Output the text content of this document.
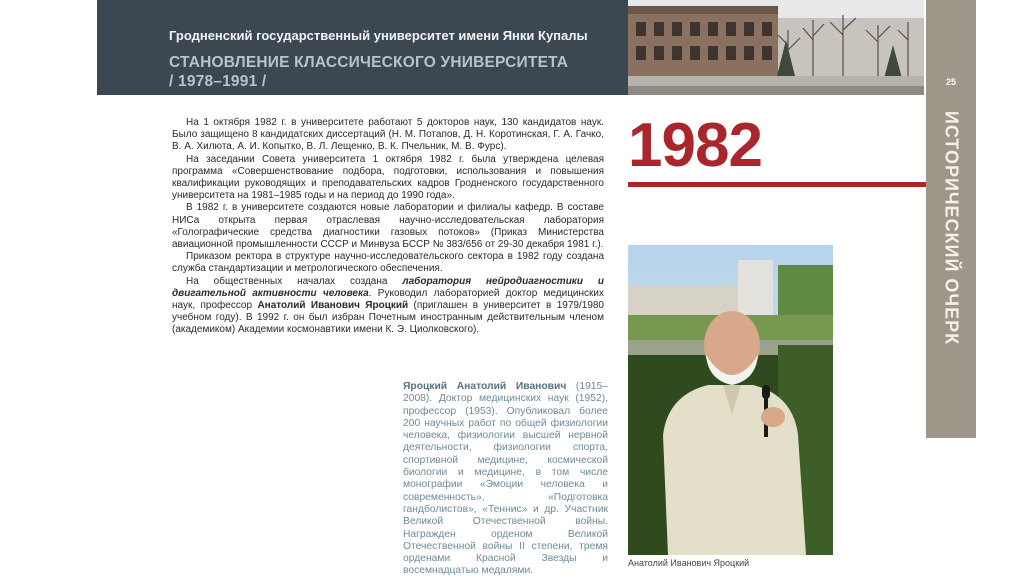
Гродненский государственный университет имени Янки Купалы
СТАНОВЛЕНИЕ КЛАССИЧЕСКОГО УНИВЕРСИТЕТА
/ 1978–1991 /	25
ИСТОРИЧЕСКИЙ ОЧЕРК
1982

На 1 октября 1982 г. в университете работают 5 докторов наук, 130 кандидатов наук. Было защищено 8 кандидатских диссертаций (Н. М. Потапов, Д. Н. Коротинская, Г. А. Гачко, В. А. Хилюта, А. И. Копытко, В. Л. Лещенко, В. К. Пчельник, М. В. Фурс).

На заседании Совета университета 1 октября 1982 г. была утверждена целевая программа «Совершенствование подбора, подготовки, использования и повышения квалификации руководящих и преподавательских кадров Гродненского государственного университета на 1981–1985 годы и на период до 1990 года».

В 1982 г. в университете создаются новые лаборатории и филиалы кафедр. В составе НИСа открыта первая отраслевая научно-исследовательская лаборатория «Голографические средства диагностики газовых потоков» (Приказ Министерства авиационной промышленности СССР и Минвуза БССР № 383/656 от 29-30 декабря 1981 г.).

Приказом ректора в структуре научно-исследовательского сектора в 1982 году создана служба стандартизации и метрологического обеспечения.

На общественных началах создана лаборатория нейродиагностики и двигательной активности человека. Руководил лабораторией доктор медицинских наук, профессор Анатолий Иванович Яроцкий (приглашен в университет в 1979/1980 учебном году). В 1992 г. он был избран Почетным иностранным действительным членом (академиком) Академии космонавтики имени К. Э. Циолковского).

Яроцкий Анатолий Иванович (1915–2008). Доктор медицинских наук (1952), профессор (1953). Опубликовал более 200 научных работ по общей физиологии человека, физиологии высшей нервной деятельности, физиологии спорта, спортивной медицине, космической биологии и медицине, в том числе монографии «Эмоции человека и современность», «Подготовка гандболистов», «Теннис» и др. Участник Великой Отечественной войны. Награжден орденом Великой Отечественной войны II степени, тремя орденами Красной Звезды и восемнадцатью медалями.
Анатолий Иванович Яроцкий
